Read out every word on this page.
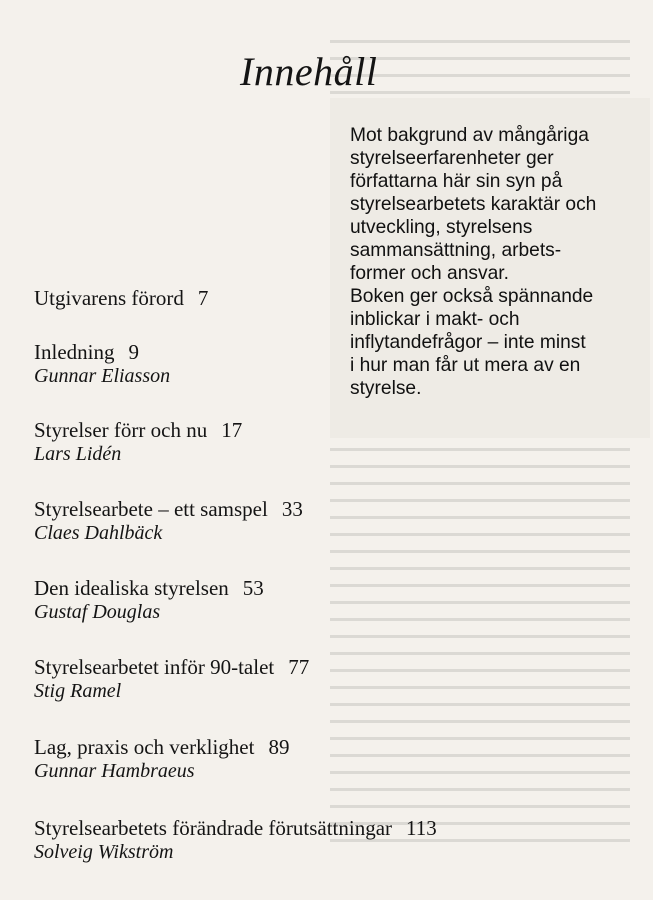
Innehåll

Mot bakgrund av mångåriga
styrelseerfarenheter ger
författarna här sin syn på
styrelsearbetets karaktär och
utveckling, styrelsens
sammansättning, arbets-
former och ansvar.

Boken ger också spännande
inblickar i makt- och
inflytandefrågor – inte minst
i hur man får ut mera av en
styrelse.

Utgivarens förord 7
Inledning 9
Gunnar Eliasson
Styrelser förr och nu 17
Lars Lidén
Styrelsearbete – ett samspel 33
Claes Dahlbäck
Den idealiska styrelsen 53
Gustaf Douglas
Styrelsearbetet inför 90-talet 77
Stig Ramel
Lag, praxis och verklighet 89
Gunnar Hambraeus
Styrelsearbetets förändrade förutsättningar 113
Solveig Wikström
